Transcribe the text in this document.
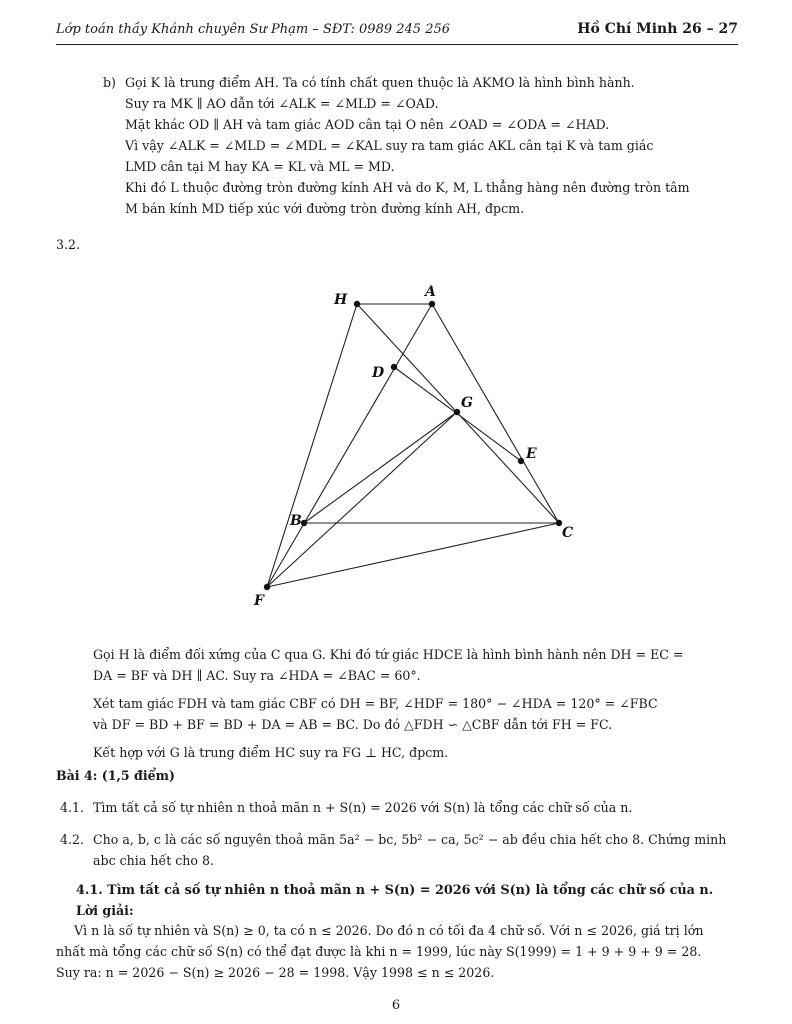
Lớp toán thầy Khánh chuyên Sư Phạm – SĐT: 0989 245 256	Hồ Chí Minh 26 – 27
b) Gọi K là trung điểm AH. Ta có tính chất quen thuộc là AKMO là hình bình hành.
Suy ra MK ∥ AO dẫn tới ∠ALK = ∠MLD = ∠OAD.
Mặt khác OD ∥ AH và tam giác AOD cân tại O nên ∠OAD = ∠ODA = ∠HAD.
Vì vậy ∠ALK = ∠MLD = ∠MDL = ∠KAL suy ra tam giác AKL cân tại K và tam giác
LMD cân tại M hay KA = KL và ML = MD.
Khi đó L thuộc đường tròn đường kính AH và do K, M, L thẳng hàng nên đường tròn tâm
M bán kính MD tiếp xúc với đường tròn đường kính AH, đpcm.
3.2.
H	A
D
G
E
B
C
F
Gọi H là điểm đối xứng của C qua G. Khi đó tứ giác HDCE là hình bình hành nên DH = EC =
DA = BF và DH ∥ AC. Suy ra ∠HDA = ∠BAC = 60°.
Xét tam giác FDH và tam giác CBF có DH = BF, ∠HDF = 180° − ∠HDA = 120° = ∠FBC
và DF = BD + BF = BD + DA = AB = BC. Do đó △FDH ∽ △CBF dẫn tới FH = FC.
Kết hợp với G là trung điểm HC suy ra FG ⊥ HC, đpcm.
Bài 4: (1,5 điểm)
4.1. Tìm tất cả số tự nhiên n thoả mãn n + S(n) = 2026 với S(n) là tổng các chữ số của n.
4.2. Cho a, b, c là các số nguyên thoả mãn 5a² − bc, 5b² − ca, 5c² − ab đều chia hết cho 8. Chứng minh
abc chia hết cho 8.
4.1. Tìm tất cả số tự nhiên n thoả mãn n + S(n) = 2026 với S(n) là tổng các chữ số của n.
Lời giải:
Vì n là số tự nhiên và S(n) ≥ 0, ta có n ≤ 2026. Do đó n có tối đa 4 chữ số. Với n ≤ 2026, giá trị lớn
nhất mà tổng các chữ số S(n) có thể đạt được là khi n = 1999, lúc này S(1999) = 1 + 9 + 9 + 9 = 28.
Suy ra: n = 2026 − S(n) ≥ 2026 − 28 = 1998. Vậy 1998 ≤ n ≤ 2026.
6
